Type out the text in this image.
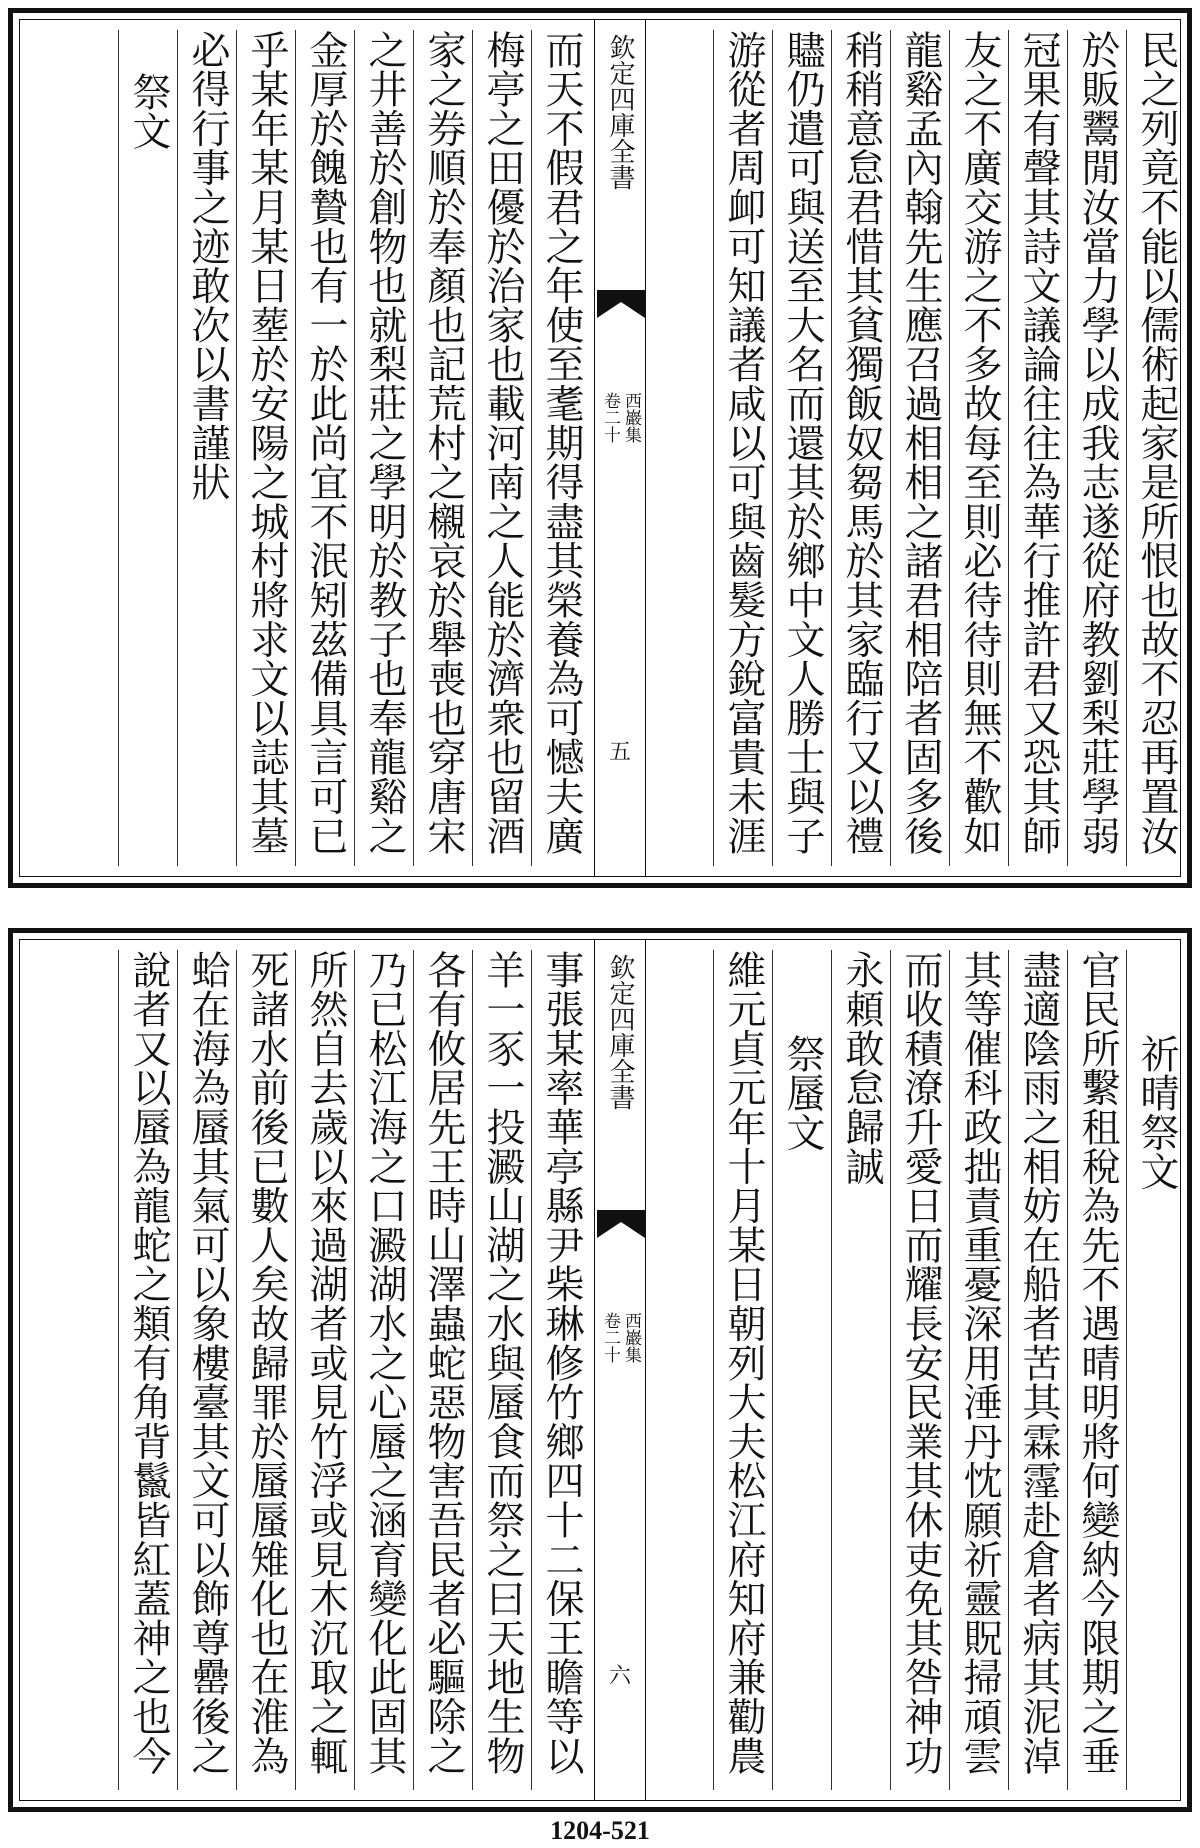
民之列竟不能以儒術起家是所恨也故不忍再置汝
於販鬻閒汝當力學以成我志遂從府教劉梨莊學弱
冠果有聲其詩文議論往往為華行推許君又恐其師
友之不廣交游之不多故每至則必待待則無不歡如
龍谿孟內翰先生應召過相相之諸君相陪者固多後
稍稍意怠君惜其貧獨飯奴芻馬於其家臨行又以禮
贐仍遣可與送至大名而還其於鄉中文人勝士與子
游從者周卹可知議者咸以可與齒髮方銳富貴未涯
欽定四庫全書
西巖集
卷二十
五
而天不假君之年使至耄期得盡其榮養為可憾夫廣
梅亭之田優於治家也載河南之人能於濟衆也留酒
家之券順於奉顏也記荒村之櫬哀於舉喪也穿唐宋
之井善於創物也就梨莊之學明於教子也奉龍谿之
金厚於餽贄也有一於此尚宜不泯矧茲備具言可已
乎某年某月某日塟於安陽之城村將求文以誌其墓
必得行事之迹敢次以書謹狀
祭文
祈晴祭文
官民所繫租稅為先不遇晴明將何變納今限期之垂
盡適陰雨之相妨在船者苦其霖霪赴倉者病其泥淖
其等催科政拙責重憂深用涶丹忱願祈靈貺掃頑雲
而收積潦升愛日而耀長安民業其休吏免其咎神功
永頼敢怠歸誠
祭蜃文
維元貞元年十月某日朝列大夫松江府知府兼勸農
欽定四庫全書
西巖集
卷二十
六
事張某率華亭縣尹柴琳修竹鄉四十二保王瞻等以
羊一豕一投澱山湖之水與蜃食而祭之曰天地生物
各有攸居先王時山澤蟲蛇惡物害吾民者必驅除之
乃已松江海之口澱湖水之心蜃之涵育變化此固其
所然自去歲以來過湖者或見竹浮或見木沉取之輒
死諸水前後已數人矣故歸罪於蜃蜃雉化也在淮為
蛤在海為蜃其氣可以象樓臺其文可以飾尊罍後之
說者又以蜃為龍蛇之類有角背鬣皆紅蓋神之也今
1204-521
